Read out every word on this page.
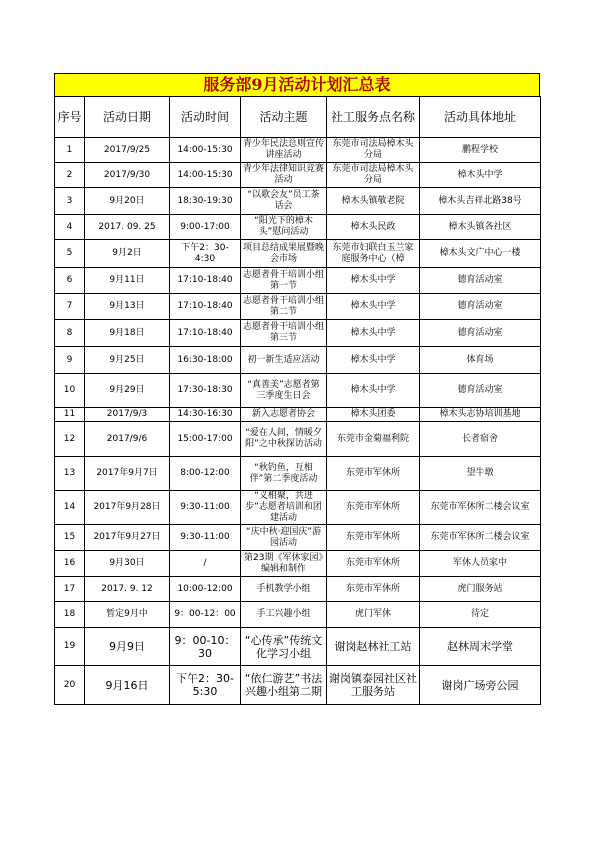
服务部9月活动计划汇总表
序号	活动日期	活动时间	活动主题	社工服务点名称	活动具体地址
1	2017/9/25	14:00-15:30	青少年民法总则宣传讲座活动	东莞市司法局樟木头分局	鹏程学校
2	2017/9/30	14:00-15:30	青少年法律知识竞赛活动	东莞市司法局樟木头分局	樟木头中学
3	9月20日	18:30-19:30	“以歌会友”员工茶话会	樟木头镇敬老院	樟木头吉祥北路38号
4	2017. 09. 25	9:00-17:00	“阳光下的樟木头”慰问活动	樟木头民政	樟木头镇各社区
5	9月2日	下午2：30-4:30	项目总结成果展暨晚会市场	东莞市妇联白玉兰家庭服务中心（樟	樟木头文广中心一楼
6	9月11日	17:10-18:40	志愿者骨干培训小组第一节	樟木头中学	德育活动室
7	9月13日	17:10-18:40	志愿者骨干培训小组第二节	樟木头中学	德育活动室
8	9月18日	17:10-18:40	志愿者骨干培训小组第三节	樟木头中学	德育活动室
9	9月25日	16:30-18:00	初一新生适应活动	樟木头中学	体育场
10	9月29日	17:30-18:30	“真善美”志愿者第三季度生日会	樟木头中学	德育活动室
11	2017/9/3	14:30-16:30	新入志愿者协会	樟木头团委	樟木头志协培训基地
12	2017/9/6	15:00-17:00	“爱在人间，情暖夕阳”之中秋探访活动	东莞市金菊福利院	长者宿舍
13	2017年9月7日	8:00-12:00	“秋钓鱼，互相伴”第二季度活动	东莞市军休所	望牛墩
14	2017年9月28日	9:30-11:00	“义相聚，共进步”志愿者培训和团建活动	东莞市军休所	东莞市军休所二楼会议室
15	2017年9月27日	9:30-11:00	“庆中秋·迎国庆”游园活动	东莞市军休所	东莞市军休所二楼会议室
16	9月30日	/	第23期《军休家园》编辑和制作	东莞市军休所	军休人员家中
17	2017. 9. 12	10:00-12:00	手机教学小组	东莞市军休所	虎门服务站
18	暂定9月中	9：00-12：00	手工兴趣小组	虎门军休	待定
19	9月9日	9：00-10：30	“心传承”传统文化学习小组	谢岗赵林社工站	赵林周末学堂
20	9月16日	下午2：30-5:30	“依仁游艺”书法兴趣小组第二期	谢岗镇泰园社区社工服务站	谢岗广场旁公园
